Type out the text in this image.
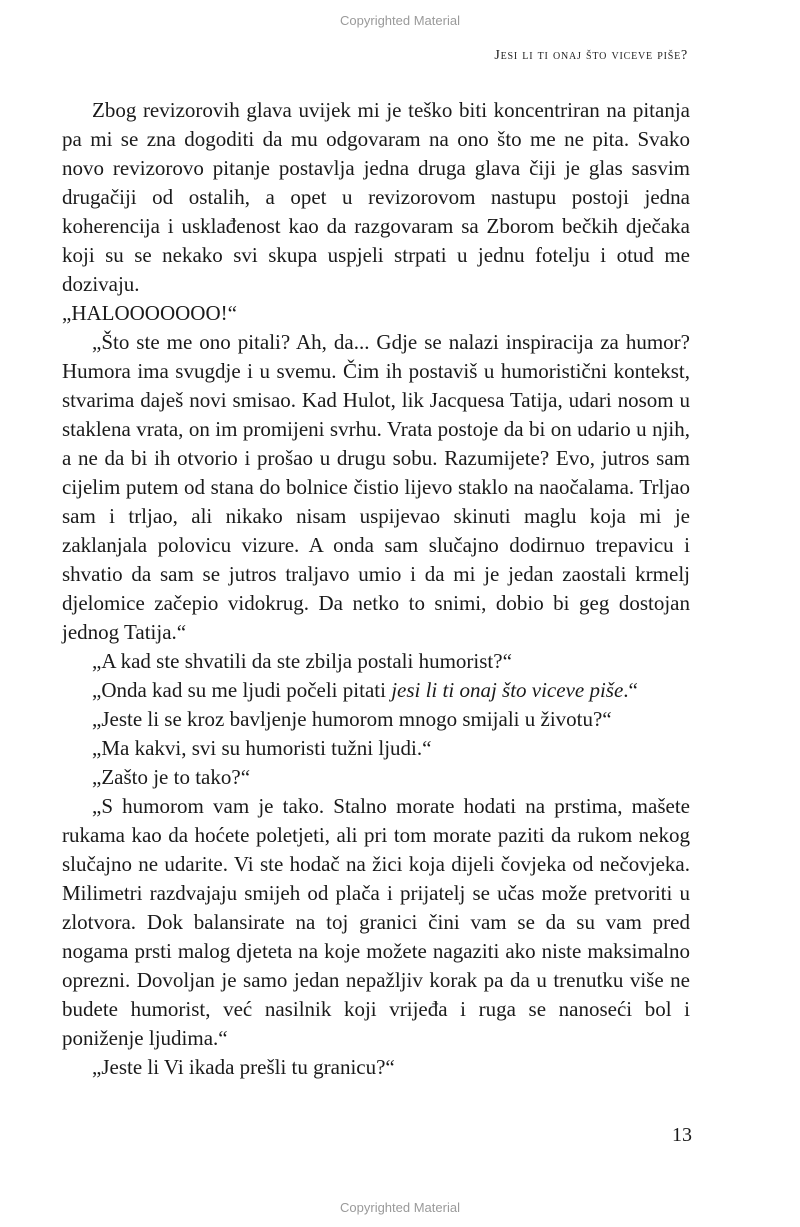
Copyrighted Material
Jesi li ti onaj što viceve piše?

Zbog revizorovih glava uvijek mi je teško biti koncentriran na pitanja pa mi se zna dogoditi da mu odgovaram na ono što me ne pita. Svako novo revizorovo pitanje postavlja jedna druga glava čiji je glas sasvim drugačiji od ostalih, a opet u revizorovom nastupu postoji jedna koherencija i usklađenost kao da razgovaram sa Zborom bečkih dječaka koji su se nekako svi skupa uspjeli strpati u jednu fotelju i otud me dozivaju.

„HALOOOOOOO!“

„Što ste me ono pitali? Ah, da... Gdje se nalazi inspiracija za humor? Humora ima svugdje i u svemu. Čim ih postaviš u humoristični kontekst, stvarima daješ novi smisao. Kad Hulot, lik Jacquesa Tatija, udari nosom u staklena vrata, on im promijeni svrhu. Vrata postoje da bi on udario u njih, a ne da bi ih otvorio i prošao u drugu sobu. Razumijete? Evo, jutros sam cijelim putem od stana do bolnice čistio lijevo staklo na naočalama. Trljao sam i trljao, ali nikako nisam uspijevao skinuti maglu koja mi je zaklanjala polovicu vizure. A onda sam slučajno dodirnuo trepavicu i shvatio da sam se jutros traljavo umio i da mi je jedan zaostali krmelj djelomice začepio vidokrug. Da netko to snimi, dobio bi geg dostojan jednog Tatija.“

„A kad ste shvatili da ste zbilja postali humorist?“

„Onda kad su me ljudi počeli pitati jesi li ti onaj što viceve piše.“

„Jeste li se kroz bavljenje humorom mnogo smijali u životu?“

„Ma kakvi, svi su humoristi tužni ljudi.“

„Zašto je to tako?“

„S humorom vam je tako. Stalno morate hodati na prstima, mašete rukama kao da hoćete poletjeti, ali pri tom morate paziti da rukom nekog slučajno ne udarite. Vi ste hodač na žici koja dijeli čovjeka od nečovjeka. Milimetri razdvajaju smijeh od plača i prijatelj se učas može pretvoriti u zlotvora. Dok balansirate na toj granici čini vam se da su vam pred nogama prsti malog djeteta na koje možete nagaziti ako niste maksimalno oprezni. Dovoljan je samo jedan nepažljiv korak pa da u trenutku više ne budete humorist, već nasilnik koji vrijeđa i ruga se nanoseći bol i poniženje ljudima.“

„Jeste li Vi ikada prešli tu granicu?“

13
Copyrighted Material
